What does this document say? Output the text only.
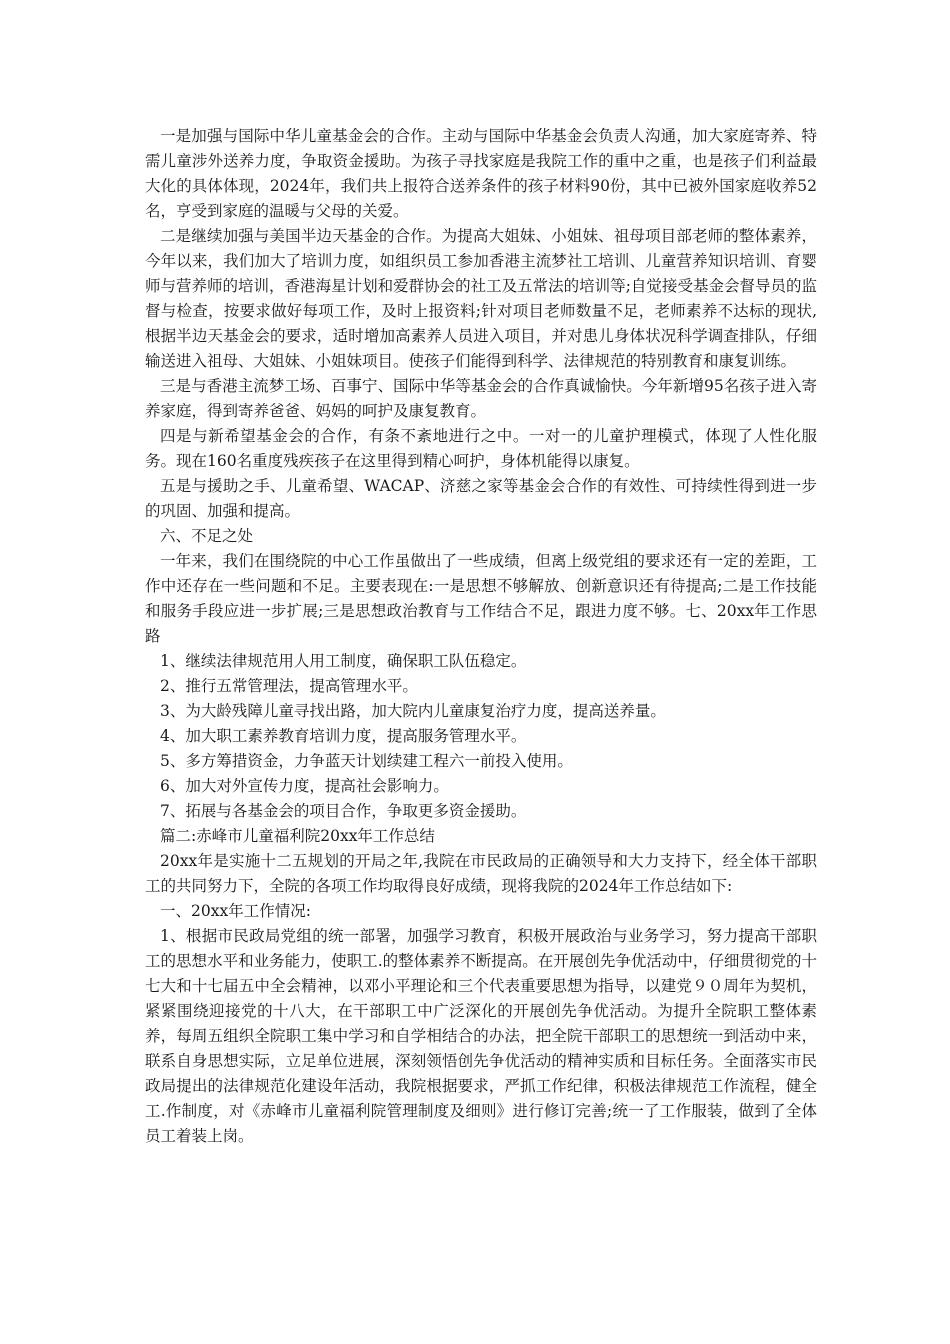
一是加强与国际中华儿童基金会的合作。主动与国际中华基金会负责人沟通，加大家庭寄养、特需儿童涉外送养力度，争取资金援助。为孩子寻找家庭是我院工作的重中之重，也是孩子们利益最大化的具体体现，2024年，我们共上报符合送养条件的孩子材料90份，其中已被外国家庭收养52名，亨受到家庭的温暖与父母的关爱。

二是继续加强与美国半边天基金的合作。为提高大姐妹、小姐妹、祖母项目部老师的整体素养，今年以来，我们加大了培训力度，如组织员工参加香港主流梦社工培训、儿童营养知识培训、育婴师与营养师的培训，香港海星计划和爱群协会的社工及五常法的培训等;自觉接受基金会督导员的监督与检查，按要求做好每项工作，及时上报资料;针对项目老师数量不足，老师素养不达标的现状,根据半边天基金会的要求，适时增加高素养人员进入项目，并对患儿身体状况科学调查排队，仔细输送进入祖母、大姐妹、小姐妹项目。使孩子们能得到科学、法律规范的特别教育和康复训练。

三是与香港主流梦工场、百事宁、国际中华等基金会的合作真诚愉快。今年新增95名孩子进入寄养家庭，得到寄养爸爸、妈妈的呵护及康复教育。

四是与新希望基金会的合作，有条不紊地进行之中。一对一的儿童护理模式，体现了人性化服务。现在160名重度残疾孩子在这里得到精心呵护，身体机能得以康复。

五是与援助之手、儿童希望、WACAP、济慈之家等基金会合作的有效性、可持续性得到进一步的巩固、加强和提高。

六、不足之处

一年来，我们在围绕院的中心工作虽做出了一些成绩，但离上级党组的要求还有一定的差距，工作中还存在一些问题和不足。主要表现在:一是思想不够解放、创新意识还有待提高;二是工作技能和服务手段应进一步扩展;三是思想政治教育与工作结合不足，跟进力度不够。七、20xx年工作思路

1、继续法律规范用人用工制度，确保职工队伍稳定。

2、推行五常管理法，提高管理水平。

3、为大龄残障儿童寻找出路，加大院内儿童康复治疗力度，提高送养量。

4、加大职工素养教育培训力度，提高服务管理水平。

5、多方筹措资金，力争蓝天计划续建工程六一前投入使用。

6、加大对外宣传力度，提高社会影响力。

7、拓展与各基金会的项目合作，争取更多资金援助。

篇二:赤峰市儿童福利院20xx年工作总结

20xx年是实施十二五规划的开局之年,我院在市民政局的正确领导和大力支持下，经全体干部职工的共同努力下，全院的各项工作均取得良好成绩，现将我院的2024年工作总结如下:

一、20xx年工作情况:

1、根据市民政局党组的统一部署，加强学习教育，积极开展政治与业务学习，努力提高干部职工的思想水平和业务能力，使职工.的整体素养不断提高。在开展创先争优活动中，仔细贯彻党的十七大和十七届五中全会精神，以邓小平理论和三个代表重要思想为指导，以建党９０周年为契机，紧紧围绕迎接党的十八大，在干部职工中广泛深化的开展创先争优活动。为提升全院职工整体素养，每周五组织全院职工集中学习和自学相结合的办法，把全院干部职工的思想统一到活动中来，联系自身思想实际，立足单位进展，深刻领悟创先争优活动的精神实质和目标任务。全面落实市民政局提出的法律规范化建设年活动，我院根据要求，严抓工作纪律，积极法律规范工作流程，健全工.作制度，对《赤峰市儿童福利院管理制度及细则》进行修订完善;统一了工作服装，做到了全体员工着装上岗。
